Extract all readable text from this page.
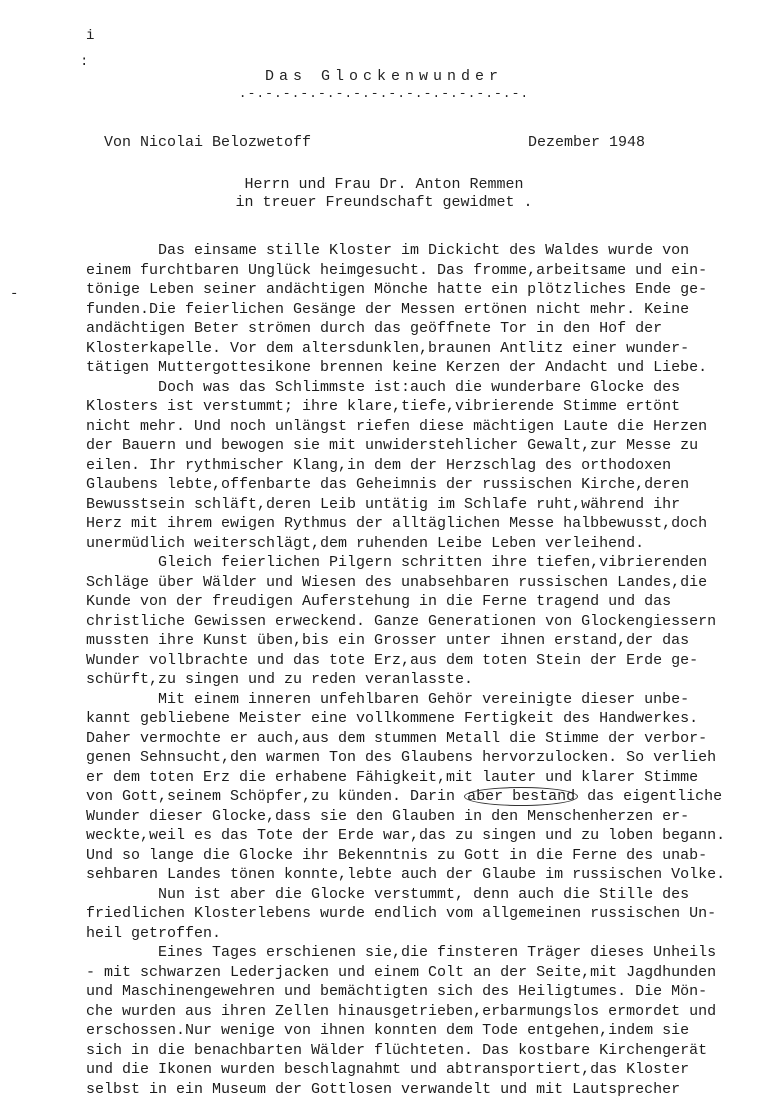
i
:
-
Das Glockenwunder
.-.-.-.-.-.-.-.-.-.-.-.-.-.-.-.-.
Von Nicolai Belozwetoff	Dezember 1948
Herrn und Frau Dr. Anton Remmen
in treuer Freundschaft gewidmet .
Das einsame stille Kloster im Dickicht des Waldes wurde von
einem furchtbaren Unglück heimgesucht. Das fromme,arbeitsame und ein-
tönige Leben seiner andächtigen Mönche hatte ein plötzliches Ende ge-
funden.Die feierlichen Gesänge der Messen ertönen nicht mehr. Keine
andächtigen Beter strömen durch das geöffnete Tor in den Hof der
Klosterkapelle. Vor dem altersdunklen,braunen Antlitz einer wunder-
tätigen Muttergottesikone brennen keine Kerzen der Andacht und Liebe.
Doch was das Schlimmste ist:auch die wunderbare Glocke des
Klosters ist verstummt; ihre klare,tiefe,vibrierende Stimme ertönt
nicht mehr. Und noch unlängst riefen diese mächtigen Laute die Herzen
der Bauern und bewogen sie mit unwiderstehlicher Gewalt,zur Messe zu
eilen. Ihr rythmischer Klang,in dem der Herzschlag des orthodoxen
Glaubens lebte,offenbarte das Geheimnis der russischen Kirche,deren
Bewusstsein schläft,deren Leib untätig im Schlafe ruht,während ihr
Herz mit ihrem ewigen Rythmus der alltäglichen Messe halbbewusst,doch
unermüdlich weiterschlägt,dem ruhenden Leibe Leben verleihend.
Gleich feierlichen Pilgern schritten ihre tiefen,vibrierenden
Schläge über Wälder und Wiesen des unabsehbaren russischen Landes,die
Kunde von der freudigen Auferstehung in die Ferne tragend und das
christliche Gewissen erweckend. Ganze Generationen von Glockengiessern
mussten ihre Kunst üben,bis ein Grosser unter ihnen erstand,der das
Wunder vollbrachte und das tote Erz,aus dem toten Stein der Erde ge-
schürft,zu singen und zu reden veranlasste.
Mit einem inneren unfehlbaren Gehör vereinigte dieser unbe-
kannt gebliebene Meister eine vollkommene Fertigkeit des Handwerkes.
Daher vermochte er auch,aus dem stummen Metall die Stimme der verbor-
genen Sehnsucht,den warmen Ton des Glaubens hervorzulocken. So verlieh
er dem toten Erz die erhabene Fähigkeit,mit lauter und klarer Stimme
von Gott,seinem Schöpfer,zu künden. Darin aber bestand das eigentliche
Wunder dieser Glocke,dass sie den Glauben in den Menschenherzen er-
weckte,weil es das Tote der Erde war,das zu singen und zu loben begann.
Und so lange die Glocke ihr Bekenntnis zu Gott in die Ferne des unab-
sehbaren Landes tönen konnte,lebte auch der Glaube im russischen Volke.
Nun ist aber die Glocke verstummt, denn auch die Stille des
friedlichen Klosterlebens wurde endlich vom allgemeinen russischen Un-
heil getroffen.
Eines Tages erschienen sie,die finsteren Träger dieses Unheils
- mit schwarzen Lederjacken und einem Colt an der Seite,mit Jagdhunden
und Maschinengewehren und bemächtigten sich des Heiligtumes. Die Mön-
che wurden aus ihren Zellen hinausgetrieben,erbarmungslos ermordet und
erschossen.Nur wenige von ihnen konnten dem Tode entgehen,indem sie
sich in die benachbarten Wälder flüchteten. Das kostbare Kirchengerät
und die Ikonen wurden beschlagnahmt und abtransportiert,das Kloster
selbst in ein Museum der Gottlosen verwandelt und mit Lautsprecher
